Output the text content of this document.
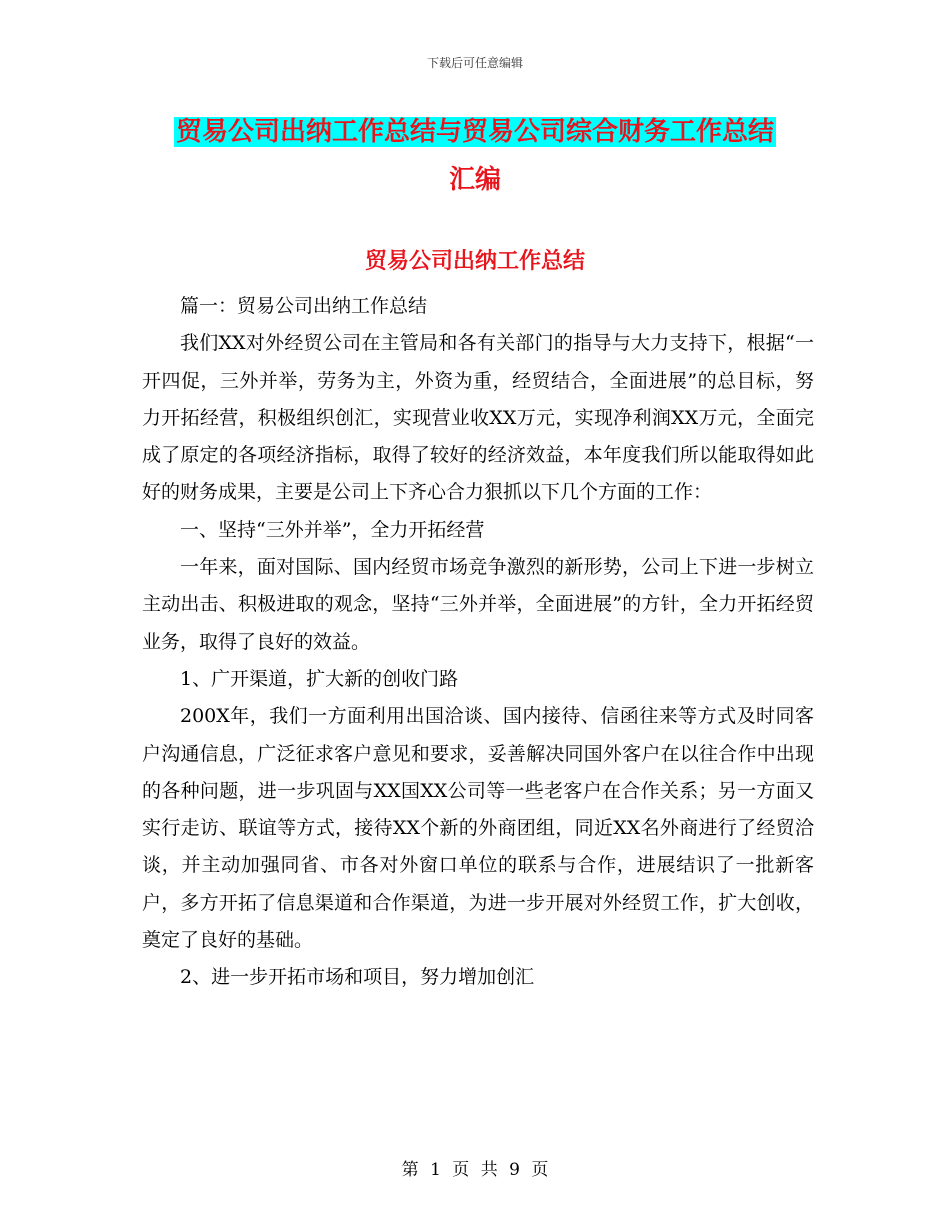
下载后可任意编辑
贸易公司出纳工作总结与贸易公司综合财务工作总结
汇编
贸易公司出纳工作总结

篇一：贸易公司出纳工作总结

我们XX对外经贸公司在主管局和各有关部门的指导与大力支持下，根据“一开四促，三外并举，劳务为主，外资为重，经贸结合，全面进展”的总目标，努力开拓经营，积极组织创汇，实现营业收XX万元，实现净利润XX万元，全面完成了原定的各项经济指标，取得了较好的经济效益，本年度我们所以能取得如此好的财务成果，主要是公司上下齐心合力狠抓以下几个方面的工作：

一、坚持“三外并举”，全力开拓经营

一年来，面对国际、国内经贸市场竞争激烈的新形势，公司上下进一步树立主动出击、积极进取的观念，坚持“三外并举，全面进展”的方针，全力开拓经贸业务，取得了良好的效益。

1、广开渠道，扩大新的创收门路

200X年，我们一方面利用出国洽谈、国内接待、信函往来等方式及时同客户沟通信息，广泛征求客户意见和要求，妥善解决同国外客户在以往合作中出现的各种问题，进一步巩固与XX国XX公司等一些老客户在合作关系；另一方面又实行走访、联谊等方式，接待XX个新的外商团组，同近XX名外商进行了经贸洽谈，并主动加强同省、市各对外窗口单位的联系与合作，进展结识了一批新客户，多方开拓了信息渠道和合作渠道，为进一步开展对外经贸工作，扩大创收，奠定了良好的基础。

2、进一步开拓市场和项目，努力增加创汇

第 1 页 共 9 页
